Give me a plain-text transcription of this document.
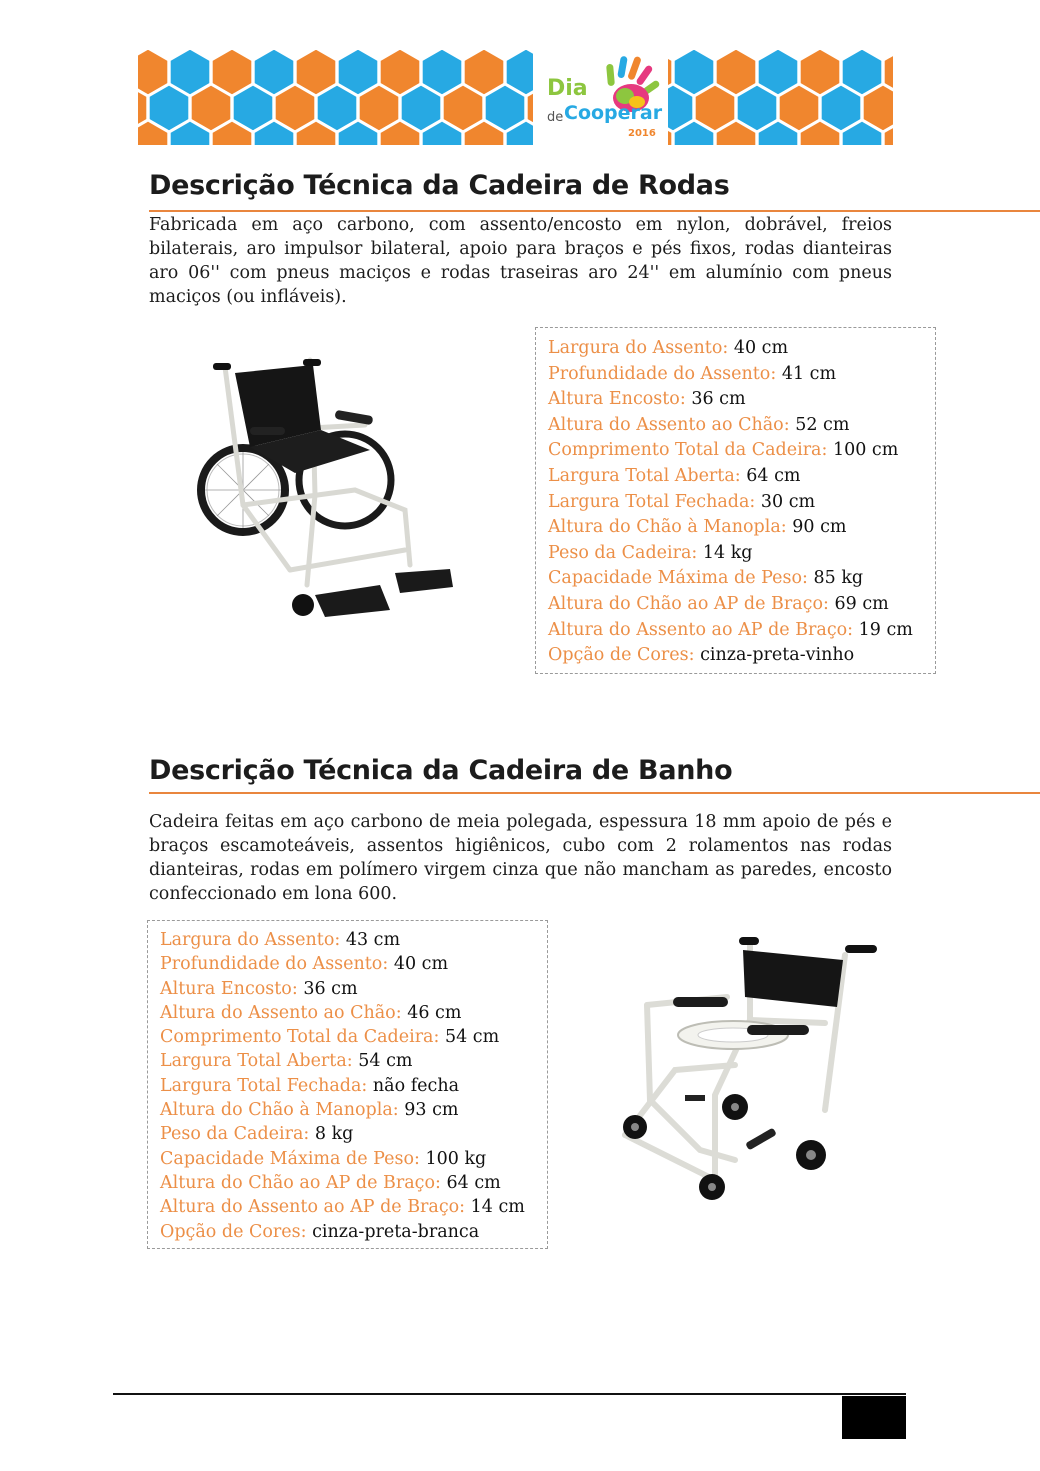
Dia
de Cooperar
2016
Descrição Técnica da Cadeira de Rodas

Fabricada em aço carbono, com assento/encosto em nylon, dobrável, freios bilaterais, aro impulsor bilateral, apoio para braços e pés fixos, rodas dianteiras aro 06'' com pneus maciços e rodas traseiras aro 24'' em alumínio com pneus maciços (ou infláveis).

Largura do Assento: 40 cm
Profundidade do Assento: 41 cm
Altura Encosto: 36 cm
Altura do Assento ao Chão: 52 cm
Comprimento Total da Cadeira: 100 cm
Largura Total Aberta: 64 cm
Largura Total Fechada: 30 cm
Altura do Chão à Manopla: 90 cm
Peso da Cadeira: 14 kg
Capacidade Máxima de Peso: 85 kg
Altura do Chão ao AP de Braço: 69 cm
Altura do Assento ao AP de Braço: 19 cm
Opção de Cores: cinza-preta-vinho
Descrição Técnica da Cadeira de Banho

Cadeira feitas em aço carbono de meia polegada, espessura 18 mm apoio de pés e braços escamoteáveis, assentos higiênicos, cubo com 2 rolamentos nas rodas dianteiras, rodas em polímero virgem cinza que não mancham as paredes, encosto confeccionado em lona 600.

Largura do Assento: 43 cm
Profundidade do Assento: 40 cm
Altura Encosto: 36 cm
Altura do Assento ao Chão: 46 cm
Comprimento Total da Cadeira: 54 cm
Largura Total Aberta: 54 cm
Largura Total Fechada: não fecha
Altura do Chão à Manopla: 93 cm
Peso da Cadeira: 8 kg
Capacidade Máxima de Peso: 100 kg
Altura do Chão ao AP de Braço: 64 cm
Altura do Assento ao AP de Braço: 14 cm
Opção de Cores: cinza-preta-branca
